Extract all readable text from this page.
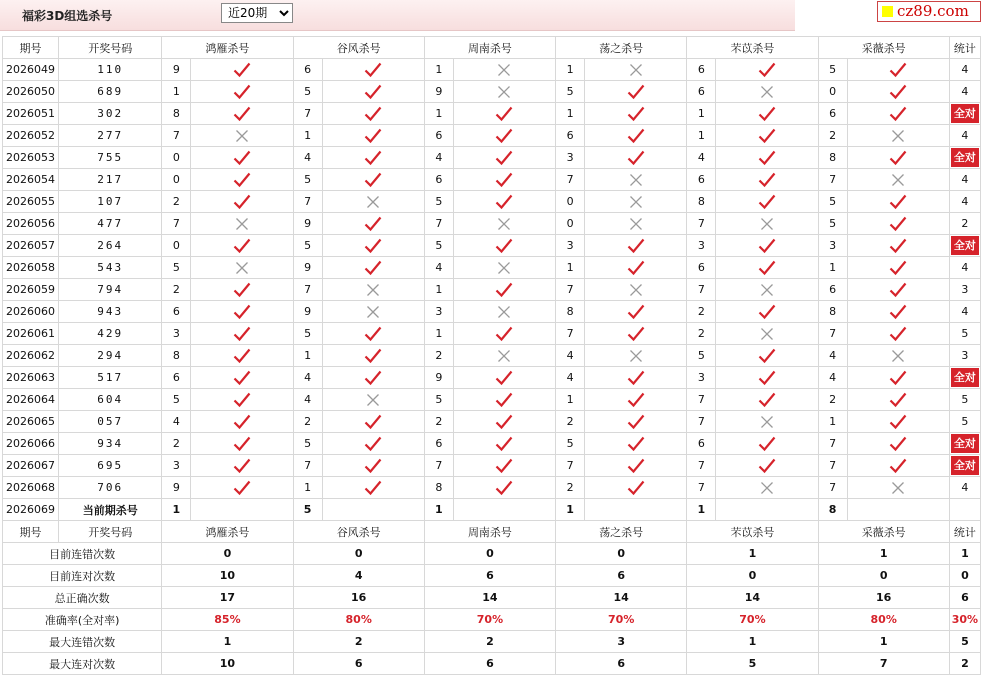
福彩3D组选杀号
近20期	cz89.com
期号	开奖号码	鸿雁杀号		谷风杀号		周南杀号		荡之杀号		芣苡杀号		采薇杀号		统计
2026049	110	9		6		1		1		6		5		4
2026050	689	1		5		9		5		6		0		4
2026051	302	8		7		1		1		1		6		全对
2026052	277	7		1		6		6		1		2		4
2026053	755	0		4		4		3		4		8		全对
2026054	217	0		5		6		7		6		7		4
2026055	107	2		7		5		0		8		5		4
2026056	477	7		9		7		0		7		5		2
2026057	264	0		5		5		3		3		3		全对
2026058	543	5		9		4		1		6		1		4
2026059	794	2		7		1		7		7		6		3
2026060	943	6		9		3		8		2		8		4
2026061	429	3		5		1		7		2		7		5
2026062	294	8		1		2		4		5		4		3
2026063	517	6		4		9		4		3		4		全对
2026064	604	5		4		5		1		7		2		5
2026065	057	4		2		2		2		7		1		5
2026066	934	2		5		6		5		6		7		全对
2026067	695	3		7		7		7		7		7		全对
2026068	706	9		1		8		2		7		7		4
2026069	当前期杀号	1		5		1		1		1		8		
期号	开奖号码	鸿雁杀号		谷风杀号		周南杀号		荡之杀号		芣苡杀号		采薇杀号		统计
目前连错次数		0		0		0		0		1		1		1
目前连对次数		10		4		6		6		0		0		0
总正确次数		17		16		14		14		14		16		6
准确率(全对率)		85%		80%		70%		70%		70%		80%		30%
最大连错次数		1		2		2		3		1		1		5
最大连对次数		10		6		6		6		5		7		2
